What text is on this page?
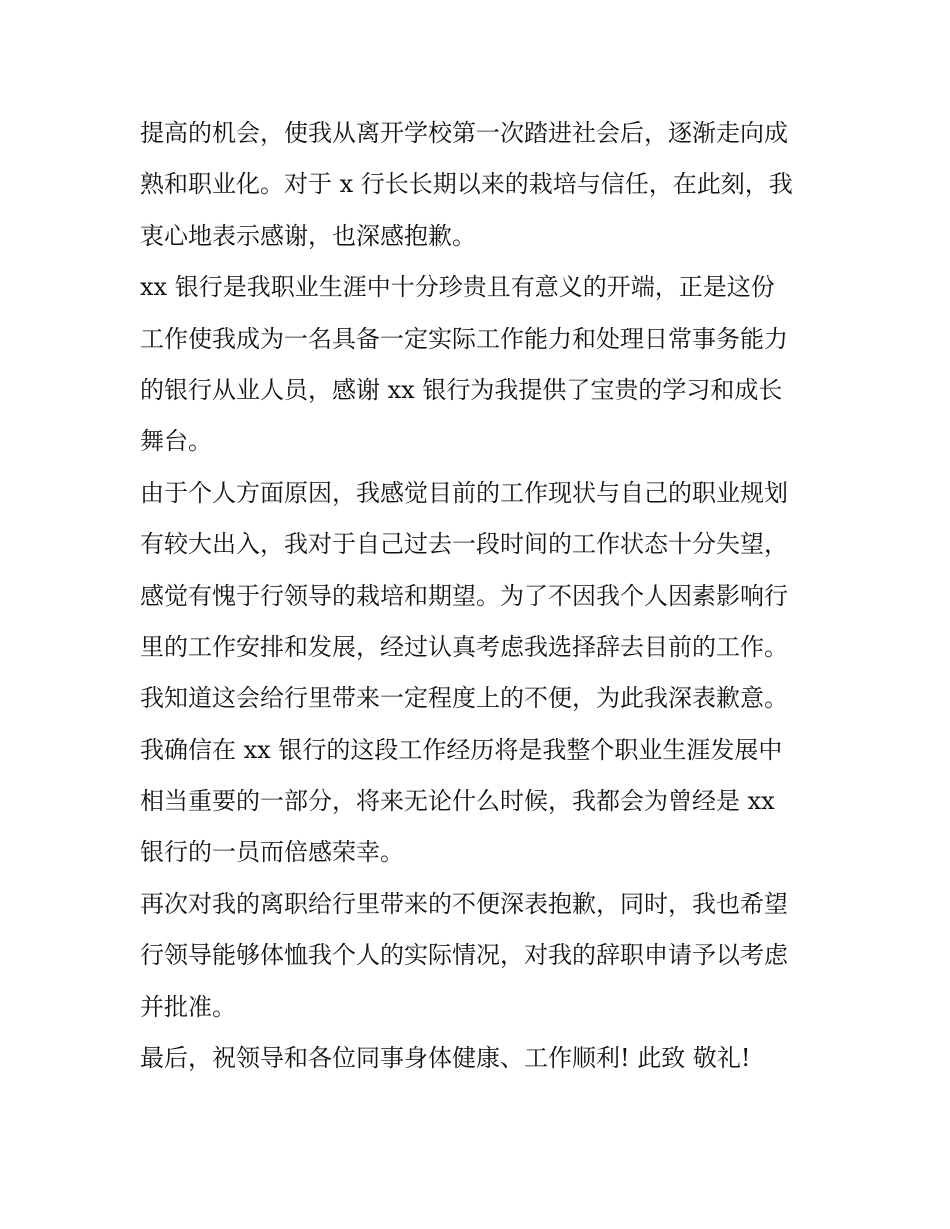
提高的机会，使我从离开学校第一次踏进社会后，逐渐走向成
熟和职业化。对于 x 行长长期以来的栽培与信任，在此刻，我
衷心地表示感谢，也深感抱歉。
xx 银行是我职业生涯中十分珍贵且有意义的开端，正是这份
工作使我成为一名具备一定实际工作能力和处理日常事务能力
的银行从业人员，感谢 xx 银行为我提供了宝贵的学习和成长
舞台。
由于个人方面原因，我感觉目前的工作现状与自己的职业规划
有较大出入，我对于自己过去一段时间的工作状态十分失望，
感觉有愧于行领导的栽培和期望。为了不因我个人因素影响行
里的工作安排和发展，经过认真考虑我选择辞去目前的工作。
我知道这会给行里带来一定程度上的不便，为此我深表歉意。
我确信在 xx 银行的这段工作经历将是我整个职业生涯发展中
相当重要的一部分，将来无论什么时候，我都会为曾经是 xx
银行的一员而倍感荣幸。
再次对我的离职给行里带来的不便深表抱歉，同时，我也希望
行领导能够体恤我个人的实际情况，对我的辞职申请予以考虑
并批准。
最后，祝领导和各位同事身体健康、工作顺利! 此致 敬礼!
